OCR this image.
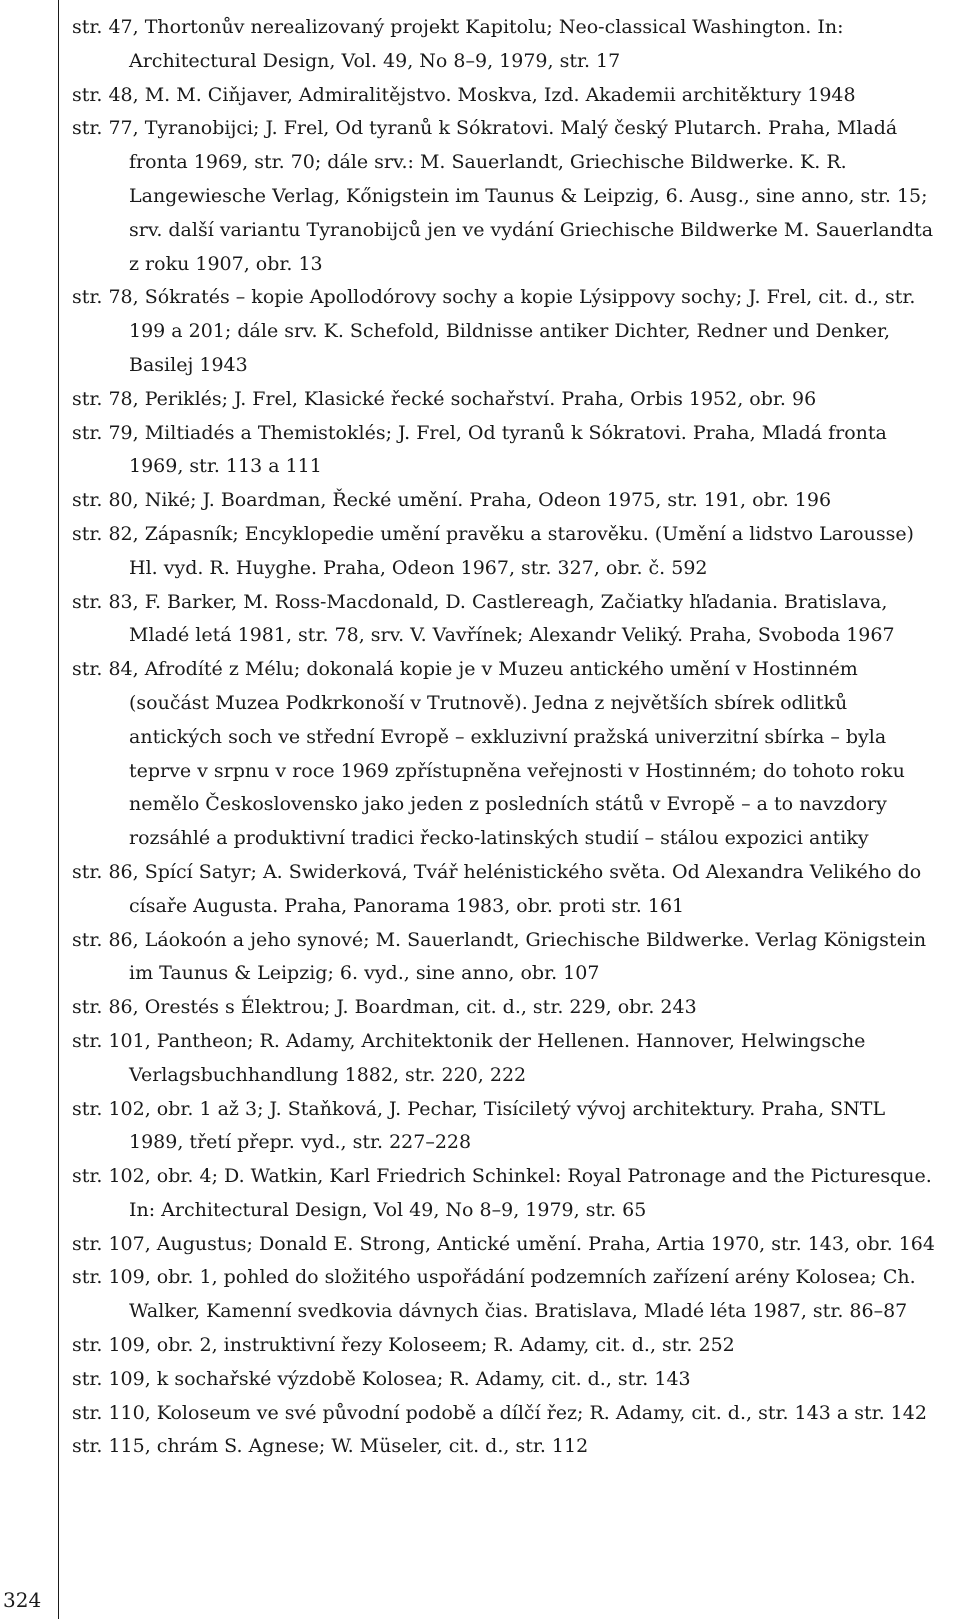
324
str. 47, Thortonův nerealizovaný projekt Kapitolu; Neo-classical Washington. In: Architectural Design, Vol. 49, No 8–9, 1979, str. 17
str. 48, M. M. Ciňjaver, Admiralitějstvo. Moskva, Izd. Akademii architěktury 1948
str. 77, Tyranobijci; J. Frel, Od tyranů k Sókratovi. Malý český Plutarch. Praha, Mladá fronta 1969, str. 70; dále srv.: M. Sauerlandt, Griechische Bildwerke. K. R. Langewiesche Verlag, Kőnigstein im Taunus & Leipzig, 6. Ausg., sine anno, str. 15; srv. další variantu Tyranobijců jen ve vydání Griechische Bildwerke M. Sauerlandta z roku 1907, obr. 13
str. 78, Sókratés – kopie Apollodórovy sochy a kopie Lýsippovy sochy; J. Frel, cit. d., str. 199 a 201; dále srv. K. Schefold, Bildnisse antiker Dichter, Redner und Denker, Basilej 1943
str. 78, Periklés; J. Frel, Klasické řecké sochařství. Praha, Orbis 1952, obr. 96
str. 79, Miltiadés a Themistoklés; J. Frel, Od tyranů k Sókratovi. Praha, Mladá fronta 1969, str. 113 a 111
str. 80, Niké; J. Boardman, Řecké umění. Praha, Odeon 1975, str. 191, obr. 196
str. 82, Zápasník; Encyklopedie umění pravěku a starověku. (Umění a lidstvo Larousse) Hl. vyd. R. Huyghe. Praha, Odeon 1967, str. 327, obr. č. 592
str. 83, F. Barker, M. Ross-Macdonald, D. Castlereagh, Začiatky hľadania. Bratislava, Mladé letá 1981, str. 78, srv. V. Vavřínek; Alexandr Veliký. Praha, Svoboda 1967
str. 84, Afrodíté z Mélu; dokonalá kopie je v Muzeu antického umění v Hostinném (součást Muzea Podkrkonoší v Trutnově). Jedna z největších sbírek odlitků antických soch ve střední Evropě – exkluzivní pražská univerzitní sbírka – byla teprve v srpnu v roce 1969 zpřístupněna veřejnosti v Hostinném; do tohoto roku nemělo Československo jako jeden z posledních států v Evropě – a to navzdory rozsáhlé a produktivní tradici řecko-latinských studií – stálou expozici antiky
str. 86, Spící Satyr; A. Swiderková, Tvář helénistického světa. Od Alexandra Velikého do císaře Augusta. Praha, Panorama 1983, obr. proti str. 161
str. 86, Láokoón a jeho synové; M. Sauerlandt, Griechische Bildwerke. Verlag Königstein im Taunus & Leipzig; 6. vyd., sine anno, obr. 107
str. 86, Orestés s Élektrou; J. Boardman, cit. d., str. 229, obr. 243
str. 101, Pantheon; R. Adamy, Architektonik der Hellenen. Hannover, Helwingsche Verlagsbuchhandlung 1882, str. 220, 222
str. 102, obr. 1 až 3; J. Staňková, J. Pechar, Tisíciletý vývoj architektury. Praha, SNTL 1989, třetí přepr. vyd., str. 227–228
str. 102, obr. 4; D. Watkin, Karl Friedrich Schinkel: Royal Patronage and the Picturesque. In: Architectural Design, Vol 49, No 8–9, 1979, str. 65
str. 107, Augustus; Donald E. Strong, Antické umění. Praha, Artia 1970, str. 143, obr. 164
str. 109, obr. 1, pohled do složitého uspořádání podzemních zařízení arény Kolosea; Ch. Walker, Kamenní svedkovia dávnych čias. Bratislava, Mladé léta 1987, str. 86–87
str. 109, obr. 2, instruktivní řezy Koloseem; R. Adamy, cit. d., str. 252
str. 109, k sochařské výzdobě Kolosea; R. Adamy, cit. d., str. 143
str. 110, Koloseum ve své původní podobě a dílčí řez; R. Adamy, cit. d., str. 143 a str. 142
str. 115, chrám S. Agnese; W. Müseler, cit. d., str. 112
